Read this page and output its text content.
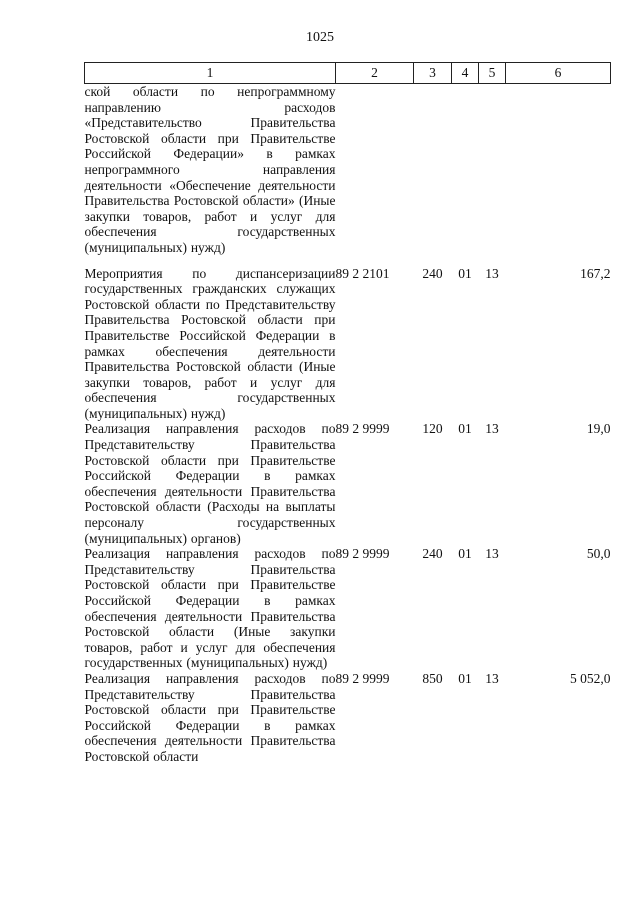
1025
1	2	3	4	5	6
ской области по непрограммному направлению расходов «Представительство Правительства Ростовской области при Правительстве Российской Федерации» в рамках непрограммного направления деятельности «Обеспечение деятельности Правительства Ростовской области» (Иные закупки товаров, работ и услуг для обеспечения государственных (муниципальных) нужд)					
Мероприятия по диспансеризации государственных гражданских служащих Ростовской области по Представительству Правительства Ростовской области при Правительстве Российской Федерации в рамках обеспечения деятельности Правительства Ростовской области (Иные закупки товаров, работ и услуг для обеспечения государственных (муниципальных) нужд)	89 2 2101	240	01	13	167,2
Реализация направления расходов по Представительству Правительства Ростовской области при Правительстве Российской Федерации в рамках обеспечения деятельности Правительства Ростовской области (Расходы на выплаты персоналу государственных (муниципальных) органов)	89 2 9999	120	01	13	19,0
Реализация направления расходов по Представительству Правительства Ростовской области при Правительстве Российской Федерации в рамках обеспечения деятельности Правительства Ростовской области (Иные закупки товаров, работ и услуг для обеспечения государственных (муниципальных) нужд)	89 2 9999	240	01	13	50,0
Реализация направления расходов по Представительству Правительства Ростовской области при Правительстве Российской Федерации в рамках обеспечения деятельности Правительства Ростовской области	89 2 9999	850	01	13	5 052,0
